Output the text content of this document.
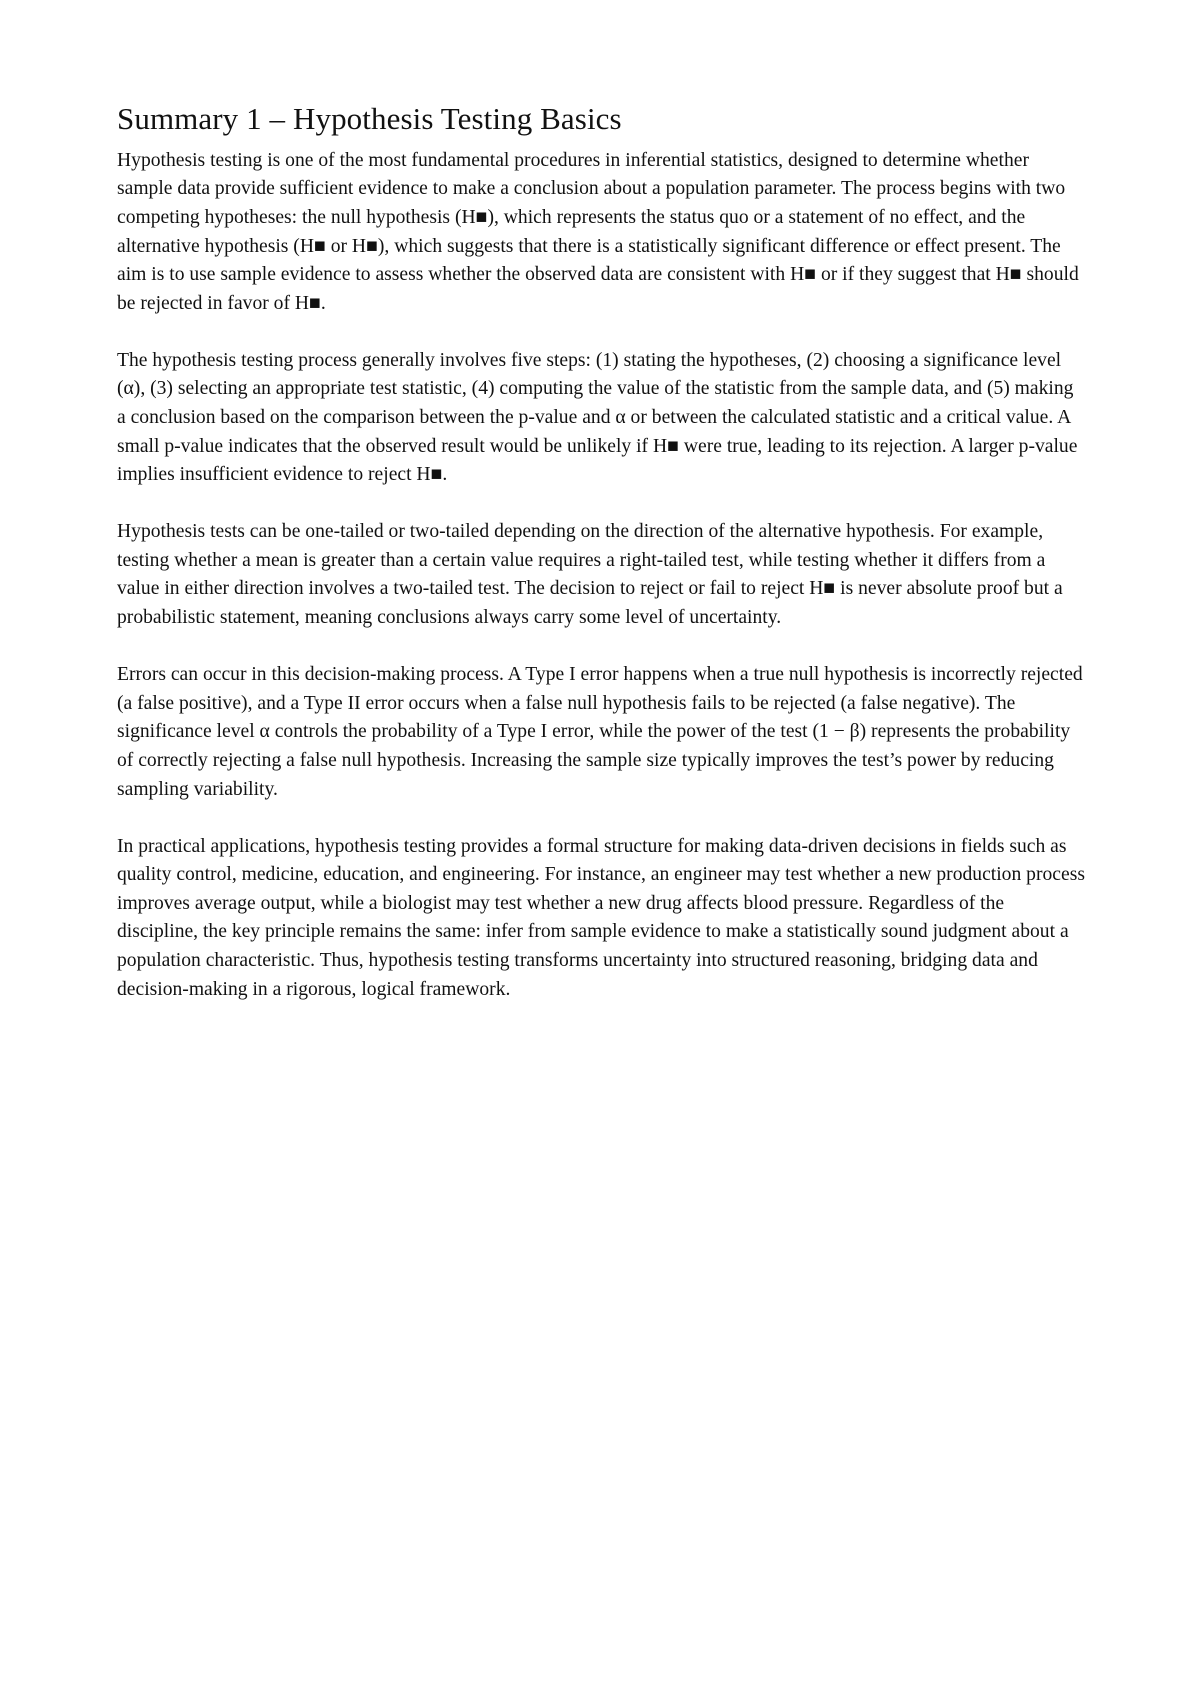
Summary 1 – Hypothesis Testing Basics

Hypothesis testing is one of the most fundamental procedures in inferential statistics, designed to determine whether sample data provide sufficient evidence to make a conclusion about a population parameter. The process begins with two competing hypotheses: the null hypothesis (H■), which represents the status quo or a statement of no effect, and the alternative hypothesis (H■ or H■), which suggests that there is a statistically significant difference or effect present. The aim is to use sample evidence to assess whether the observed data are consistent with H■ or if they suggest that H■ should be rejected in favor of H■.

The hypothesis testing process generally involves five steps: (1) stating the hypotheses, (2) choosing a significance level (α), (3) selecting an appropriate test statistic, (4) computing the value of the statistic from the sample data, and (5) making a conclusion based on the comparison between the p-value and α or between the calculated statistic and a critical value. A small p-value indicates that the observed result would be unlikely if H■ were true, leading to its rejection. A larger p-value implies insufficient evidence to reject H■.

Hypothesis tests can be one-tailed or two-tailed depending on the direction of the alternative hypothesis. For example, testing whether a mean is greater than a certain value requires a right-tailed test, while testing whether it differs from a value in either direction involves a two-tailed test. The decision to reject or fail to reject H■ is never absolute proof but a probabilistic statement, meaning conclusions always carry some level of uncertainty.

Errors can occur in this decision-making process. A Type I error happens when a true null hypothesis is incorrectly rejected (a false positive), and a Type II error occurs when a false null hypothesis fails to be rejected (a false negative). The significance level α controls the probability of a Type I error, while the power of the test (1 − β) represents the probability of correctly rejecting a false null hypothesis. Increasing the sample size typically improves the test’s power by reducing sampling variability.

In practical applications, hypothesis testing provides a formal structure for making data-driven decisions in fields such as quality control, medicine, education, and engineering. For instance, an engineer may test whether a new production process improves average output, while a biologist may test whether a new drug affects blood pressure. Regardless of the discipline, the key principle remains the same: infer from sample evidence to make a statistically sound judgment about a population characteristic. Thus, hypothesis testing transforms uncertainty into structured reasoning, bridging data and decision-making in a rigorous, logical framework.
